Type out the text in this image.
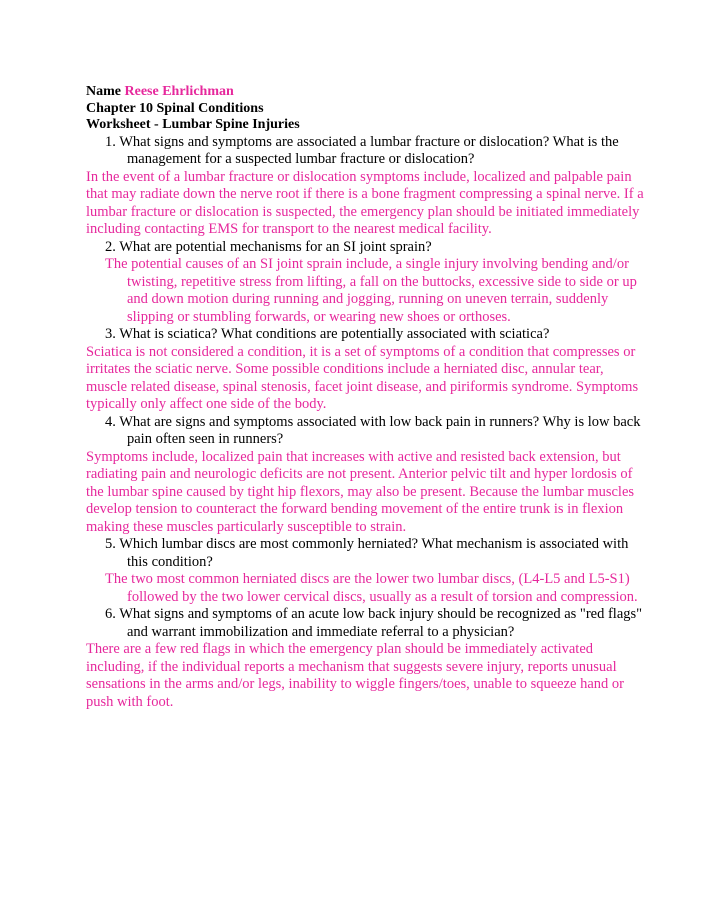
Name Reese Ehrlichman

Chapter 10 Spinal Conditions

Worksheet - Lumbar Spine Injuries

1. What signs and symptoms are associated a lumbar fracture or dislocation? What is the management for a suspected lumbar fracture or dislocation?

In the event of a lumbar fracture or dislocation symptoms include, localized and palpable pain that may radiate down the nerve root if there is a bone fragment compressing a spinal nerve. If a lumbar fracture or dislocation is suspected, the emergency plan should be initiated immediately including contacting EMS for transport to the nearest medical facility.

2. What are potential mechanisms for an SI joint sprain?

The potential causes of an SI joint sprain include, a single injury involving bending and/or twisting, repetitive stress from lifting, a fall on the buttocks, excessive side to side or up and down motion during running and jogging, running on uneven terrain, suddenly slipping or stumbling forwards, or wearing new shoes or orthoses.

3. What is sciatica? What conditions are potentially associated with sciatica?

Sciatica is not considered a condition, it is a set of symptoms of a condition that compresses or irritates the sciatic nerve. Some possible conditions include a herniated disc, annular tear, muscle related disease, spinal stenosis, facet joint disease, and piriformis syndrome. Symptoms typically only affect one side of the body.

4. What are signs and symptoms associated with low back pain in runners? Why is low back pain often seen in runners?

Symptoms include, localized pain that increases with active and resisted back extension, but radiating pain and neurologic deficits are not present. Anterior pelvic tilt and hyper lordosis of the lumbar spine caused by tight hip flexors, may also be present. Because the lumbar muscles develop tension to counteract the forward bending movement of the entire trunk is in flexion making these muscles particularly susceptible to strain.

5. Which lumbar discs are most commonly herniated? What mechanism is associated with this condition?

The two most common herniated discs are the lower two lumbar discs, (L4-L5 and L5-S1) followed by the two lower cervical discs, usually as a result of torsion and compression.

6. What signs and symptoms of an acute low back injury should be recognized as "red flags" and warrant immobilization and immediate referral to a physician?

There are a few red flags in which the emergency plan should be immediately activated including, if the individual reports a mechanism that suggests severe injury, reports unusual sensations in the arms and/or legs, inability to wiggle fingers/toes, unable to squeeze hand or push with foot.
